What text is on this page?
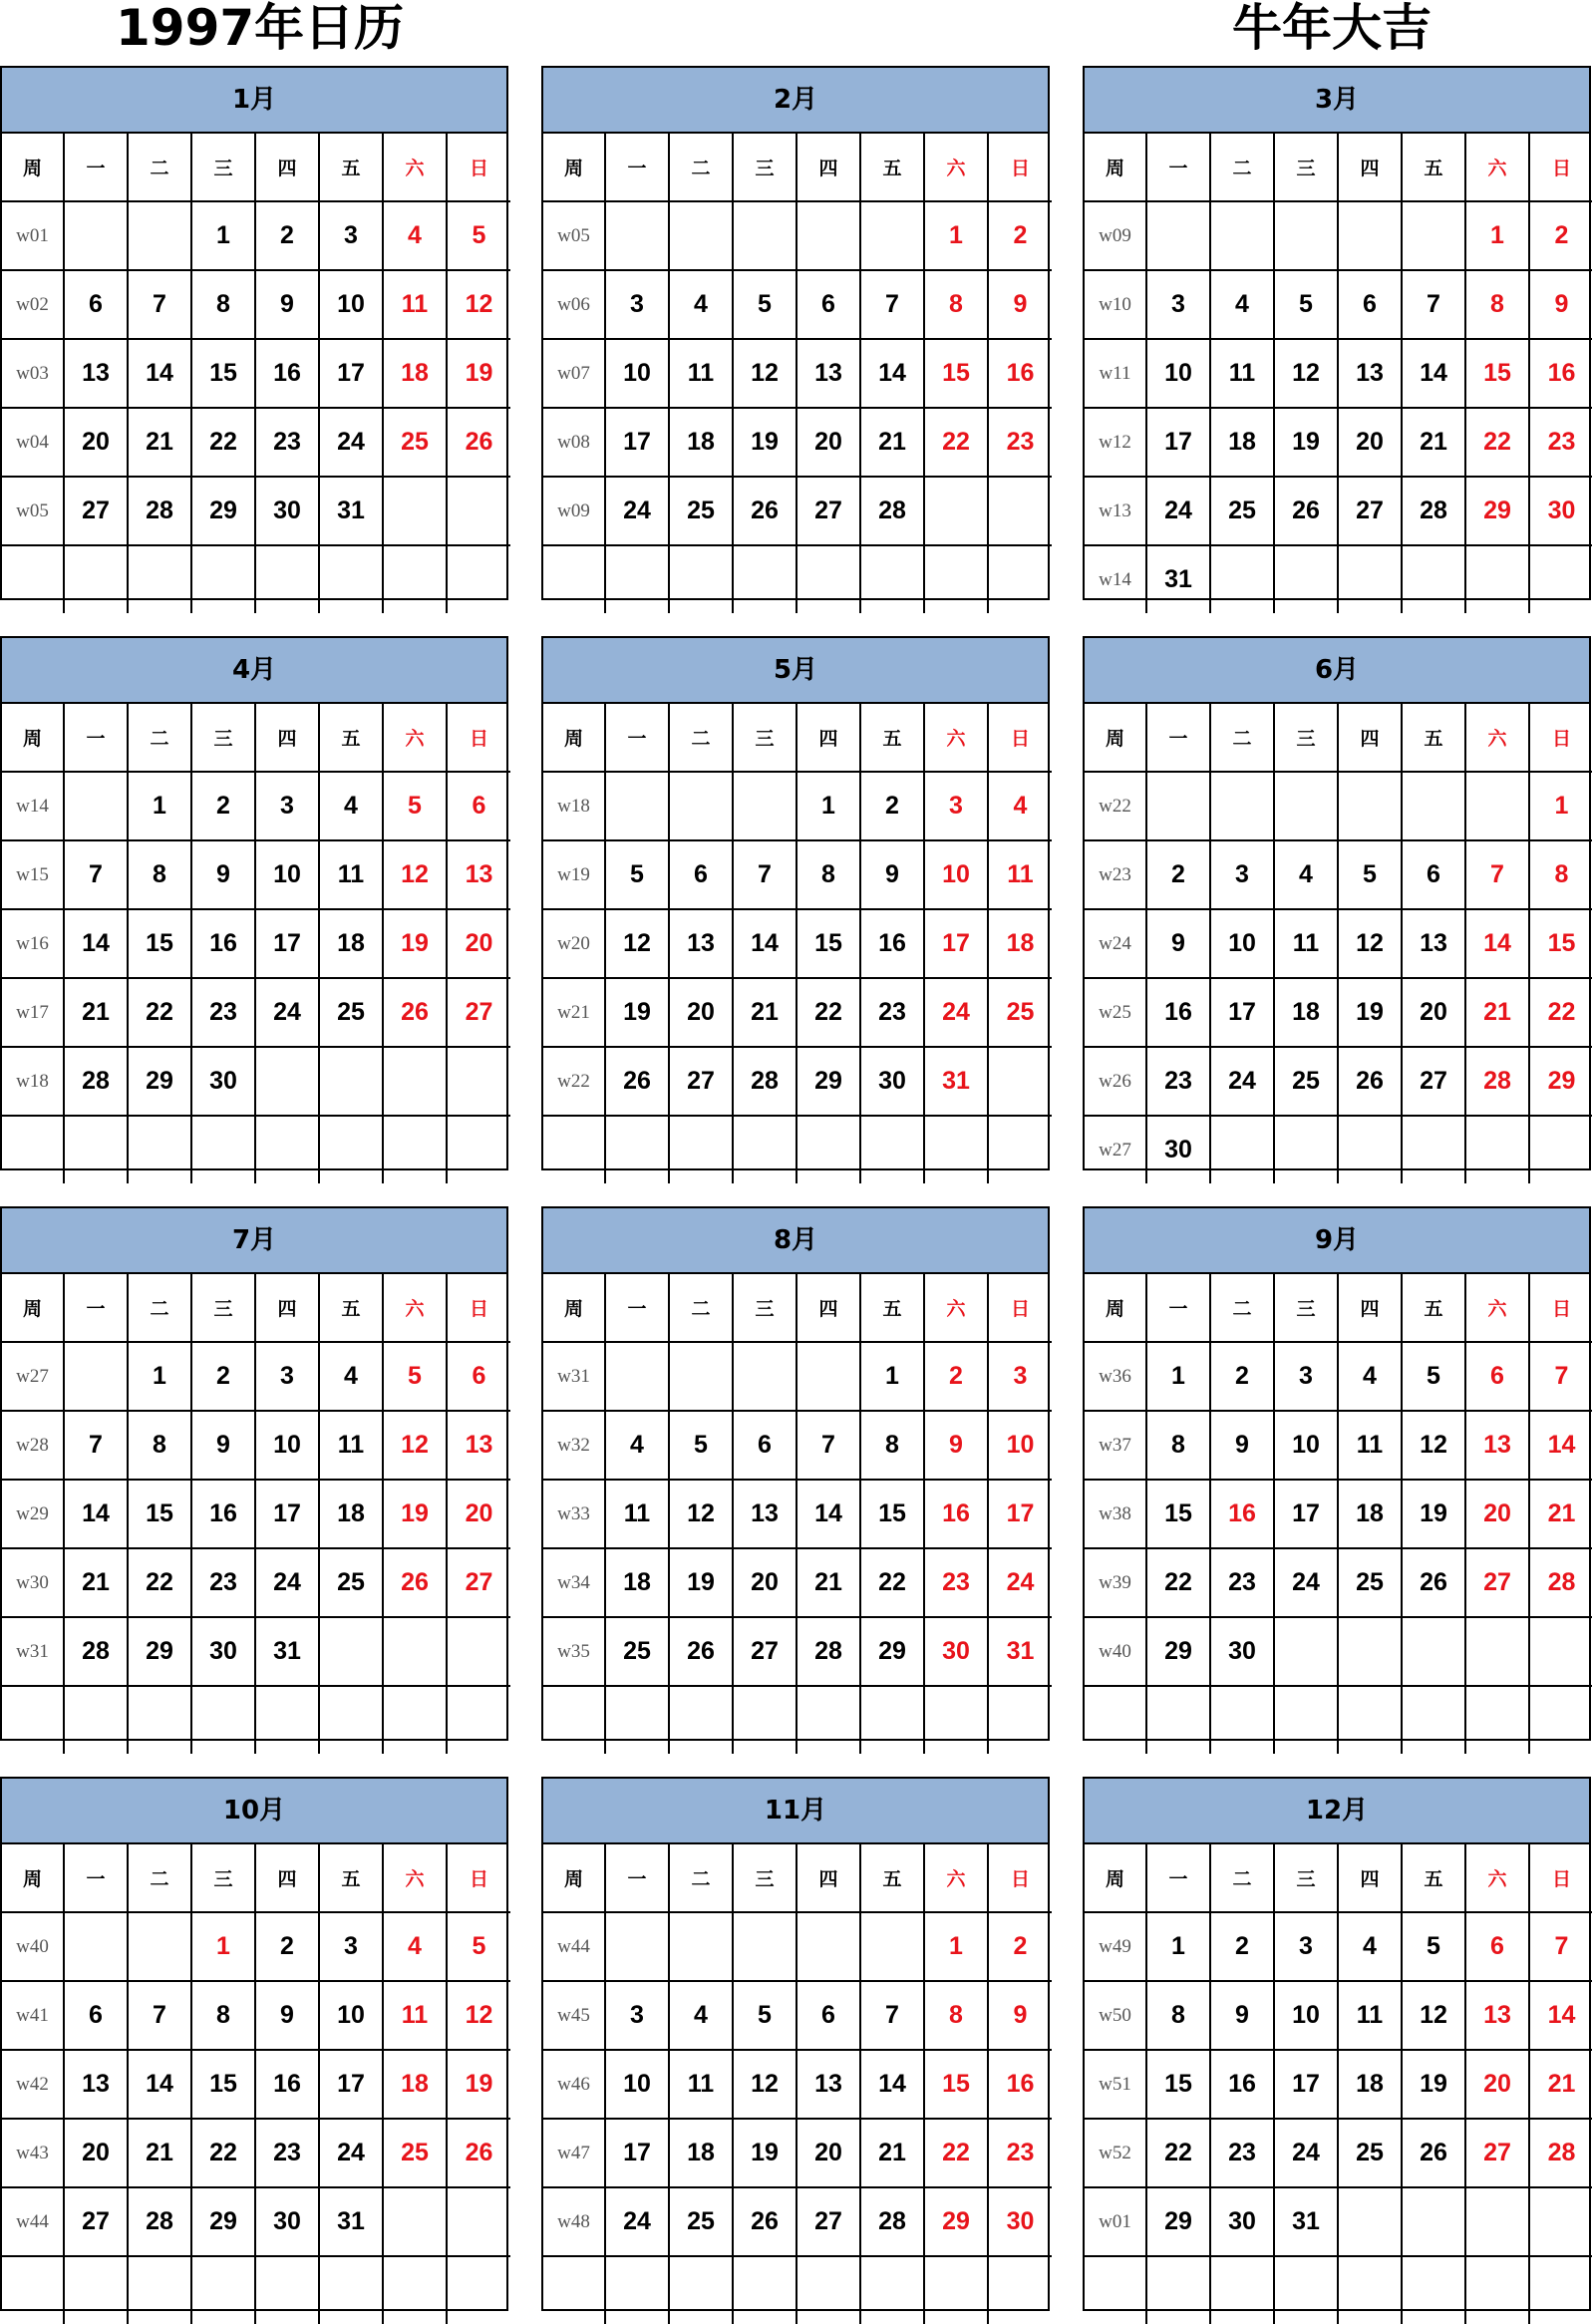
1997年日历	牛年大吉
1月
周	一	二	三	四	五	六	日
w01			1	2	3	4	5
w02	6	7	8	9	10	11	12
w03	13	14	15	16	17	18	19
w04	20	21	22	23	24	25	26
w05	27	28	29	30	31		

2月
周	一	二	三	四	五	六	日
w05						1	2
w06	3	4	5	6	7	8	9
w07	10	11	12	13	14	15	16
w08	17	18	19	20	21	22	23
w09	24	25	26	27	28		

3月
周	一	二	三	四	五	六	日
w09						1	2
w10	3	4	5	6	7	8	9
w11	10	11	12	13	14	15	16
w12	17	18	19	20	21	22	23
w13	24	25	26	27	28	29	30
w14	31						
4月
周	一	二	三	四	五	六	日
w14		1	2	3	4	5	6
w15	7	8	9	10	11	12	13
w16	14	15	16	17	18	19	20
w17	21	22	23	24	25	26	27
w18	28	29	30				

5月
周	一	二	三	四	五	六	日
w18				1	2	3	4
w19	5	6	7	8	9	10	11
w20	12	13	14	15	16	17	18
w21	19	20	21	22	23	24	25
w22	26	27	28	29	30	31	

6月
周	一	二	三	四	五	六	日
w22							1
w23	2	3	4	5	6	7	8
w24	9	10	11	12	13	14	15
w25	16	17	18	19	20	21	22
w26	23	24	25	26	27	28	29
w27	30						
7月
周	一	二	三	四	五	六	日
w27		1	2	3	4	5	6
w28	7	8	9	10	11	12	13
w29	14	15	16	17	18	19	20
w30	21	22	23	24	25	26	27
w31	28	29	30	31			

8月
周	一	二	三	四	五	六	日
w31					1	2	3
w32	4	5	6	7	8	9	10
w33	11	12	13	14	15	16	17
w34	18	19	20	21	22	23	24
w35	25	26	27	28	29	30	31

9月
周	一	二	三	四	五	六	日
w36	1	2	3	4	5	6	7
w37	8	9	10	11	12	13	14
w38	15	16	17	18	19	20	21
w39	22	23	24	25	26	27	28
w40	29	30					

10月
周	一	二	三	四	五	六	日
w40			1	2	3	4	5
w41	6	7	8	9	10	11	12
w42	13	14	15	16	17	18	19
w43	20	21	22	23	24	25	26
w44	27	28	29	30	31		

11月
周	一	二	三	四	五	六	日
w44						1	2
w45	3	4	5	6	7	8	9
w46	10	11	12	13	14	15	16
w47	17	18	19	20	21	22	23
w48	24	25	26	27	28	29	30

12月
周	一	二	三	四	五	六	日
w49	1	2	3	4	5	6	7
w50	8	9	10	11	12	13	14
w51	15	16	17	18	19	20	21
w52	22	23	24	25	26	27	28
w01	29	30	31				
